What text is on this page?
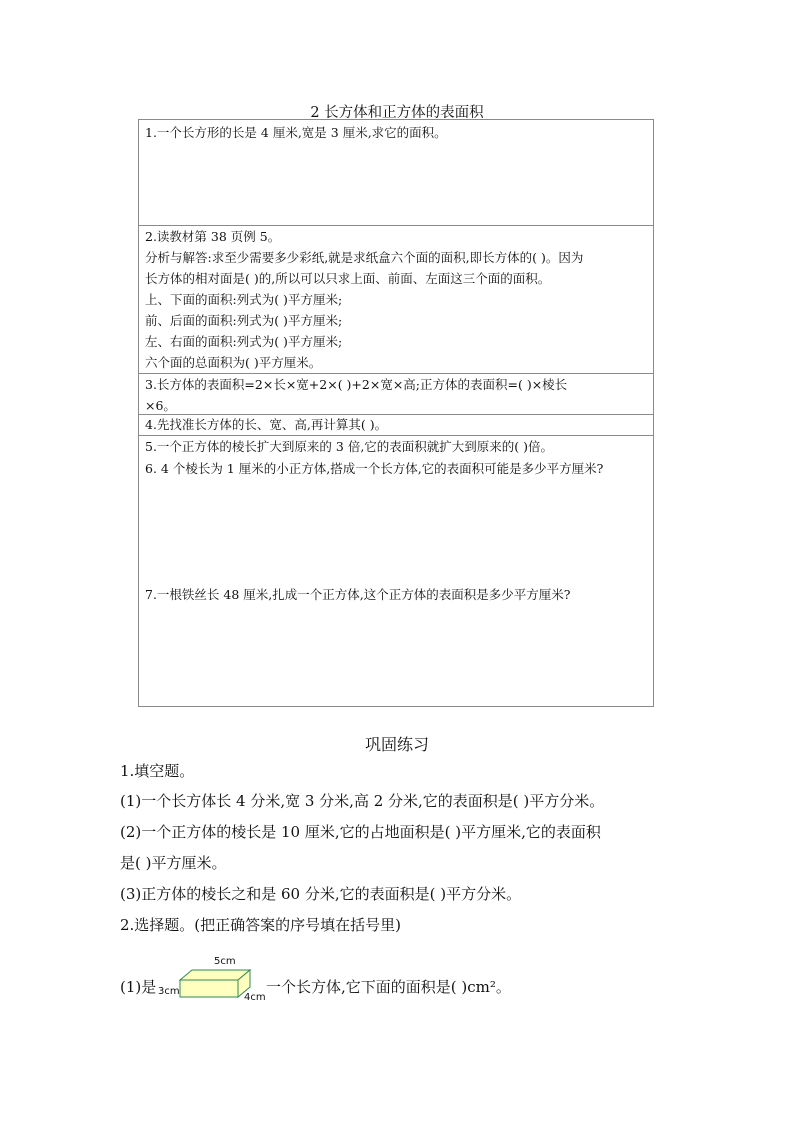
2 长方体和正方体的表面积
1.一个长方形的长是 4 厘米,宽是 3 厘米,求它的面积。
2.读教材第 38 页例 5。
分析与解答:求至少需要多少彩纸,就是求纸盒六个面的面积,即长方体的( )。因为
长方体的相对面是( )的,所以可以只求上面、前面、左面这三个面的面积。
上、下面的面积:列式为( )平方厘米;
前、后面的面积:列式为( )平方厘米;
左、右面的面积:列式为( )平方厘米;
六个面的总面积为( )平方厘米。
3.长方体的表面积=2×长×宽+2×( )+2×宽×高;正方体的表面积=( )×棱长
×6。
4.先找准长方体的长、宽、高,再计算其( )。
5.一个正方体的棱长扩大到原来的 3 倍,它的表面积就扩大到原来的( )倍。
6. 4 个棱长为 1 厘米的小正方体,搭成一个长方体,它的表面积可能是多少平方厘米?
7.一根铁丝长 48 厘米,扎成一个正方体,这个正方体的表面积是多少平方厘米?
巩固练习
1.填空题。
(1)一个长方体长 4 分米,宽 3 分米,高 2 分米,它的表面积是( )平方分米。
(2)一个正方体的棱长是 10 厘米,它的占地面积是( )平方厘米,它的表面积
是( )平方厘米。
(3)正方体的棱长之和是 60 分米,它的表面积是( )平方分米。
2.选择题。(把正确答案的序号填在括号里)
(1)是
5cm
3cm
4cm
一个长方体,它下面的面积是( )cm²。
